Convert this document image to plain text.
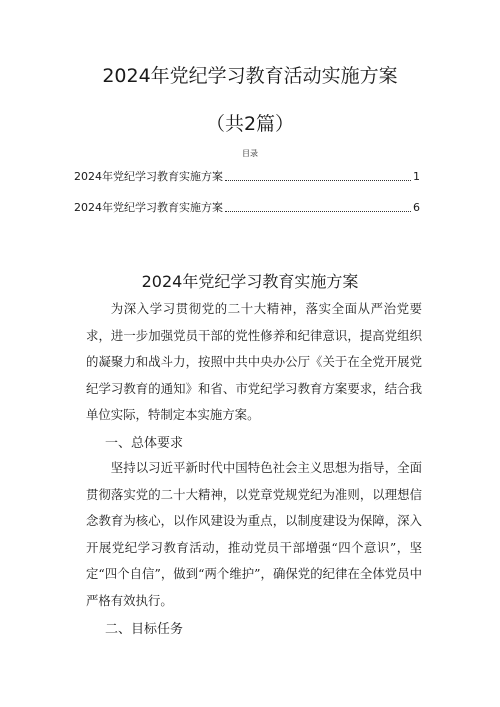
2024年党纪学习教育活动实施方案
（共2篇）
目录
2024年党纪学习教育实施方案	1
2024年党纪学习教育实施方案	6
2024年党纪学习教育实施方案

为深入学习贯彻党的二十大精神，落实全面从严治党要求，进一步加强党员干部的党性修养和纪律意识，提高党组织的凝聚力和战斗力，按照中共中央办公厅《关于在全党开展党纪学习教育的通知》和省、市党纪学习教育方案要求，结合我单位实际，特制定本实施方案。

一、总体要求

坚持以习近平新时代中国特色社会主义思想为指导，全面贯彻落实党的二十大精神，以党章党规党纪为准则，以理想信念教育为核心，以作风建设为重点，以制度建设为保障，深入开展党纪学习教育活动，推动党员干部增强“四个意识”，坚定“四个自信”，做到“两个维护”，确保党的纪律在全体党员中严格有效执行。

二、目标任务
